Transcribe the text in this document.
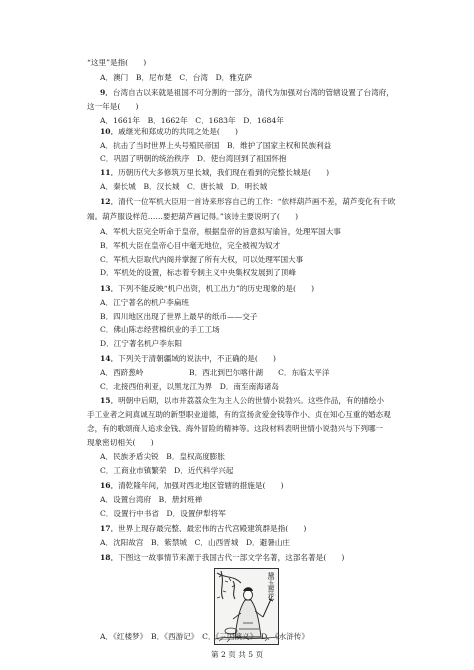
“这里”是指(　　)
A．澳门　B．尼布楚　C．台湾　D．雅克萨
9．台湾自古以来就是祖国不可分割的一部分，清代为加强对台湾的管辖设置了台湾府，
这一年是(　　)
A．1661年　B．1662年　C．1683年　D．1684年
10．戚继光和郑成功的共同之处是(　　)
A．抗击了当时世界上头号殖民帝国　B．维护了国家主权和民族利益
C．巩固了明朝的统治秩序　D．使台湾回到了祖国怀抱
11．历朝历代大多修筑万里长城，我们现在看到的完整长城是(　　)
A．秦长城　B．汉长城　C．唐长城　D．明长城
12．清代一位军机大臣用一首诗来形容自己的工作：“依样葫芦画不差，葫芦变化有千欧
端。葫芦服设样范……要把葫芦画记得。”该诗主要说明了(　　)
A．军机大臣完全听命于皇帝，根据皇帝的旨意拟写谕旨，处理军国大事
B．军机大臣在皇帝心目中毫无地位，完全被视为奴才
C．军机大臣取代内阁并掌握了所有大权，可以处理军国大事
D．军机处的设置，标志着专制主义中央集权发展到了顶峰
13．下列不能反映“机户出资，机工出力”的历史现象的是(　　)
A．江宁著名的机户李扁班
B．四川地区出现了世界上最早的纸币——交子
C．佛山陈志经营棉织业的手工工场
D．江宁著名机户李东阳
14．下列关于清朝疆域的说法中，不正确的是(　　)
A．西跻葱岭　　　　　　B．西北到巴尔喀什湖　　C．东临太平洋
C．北接西伯利亚，以黑龙江为界　D．南至南海诸岛
15．明朝中后期，以市井荔荔众生为主人公的世情小说勃兴。这些作品，有的描绘小
手工业者之间真诚互助的新型职业道德，有的宣扬贪爱金钱等作小、贞在知心互重的婚态观
念，有的歌颂商人追求金钱、海外冒险的精神等。这段材料表明世情小说勃兴与下列哪一
现象密切相关(　　)
A．民族矛盾尖锐　B．皇权高度膨胀
C．工商业市镇繁荣　D．近代科学兴起
16．清乾隆年间，加强对西北地区管辖的措施是(　　)
A．设置台湾府　B．册封班禅
C．设置行中书省　D．设置伊犁将军
17．世界上现存最完整、最宏伟的古代宫殿建筑群是指(　　)
A．沈阳故宫　B．紫禁城　C．山西晋城　D．避暑山庄
18．下图这一故事情节来源于我国古代一部文学名著，这部名著是(　　)
黛玉葬花
A．《红楼梦》　B．《西游记》　C．《三国演义》　D．《水浒传》
第 2 页 共 5 页
